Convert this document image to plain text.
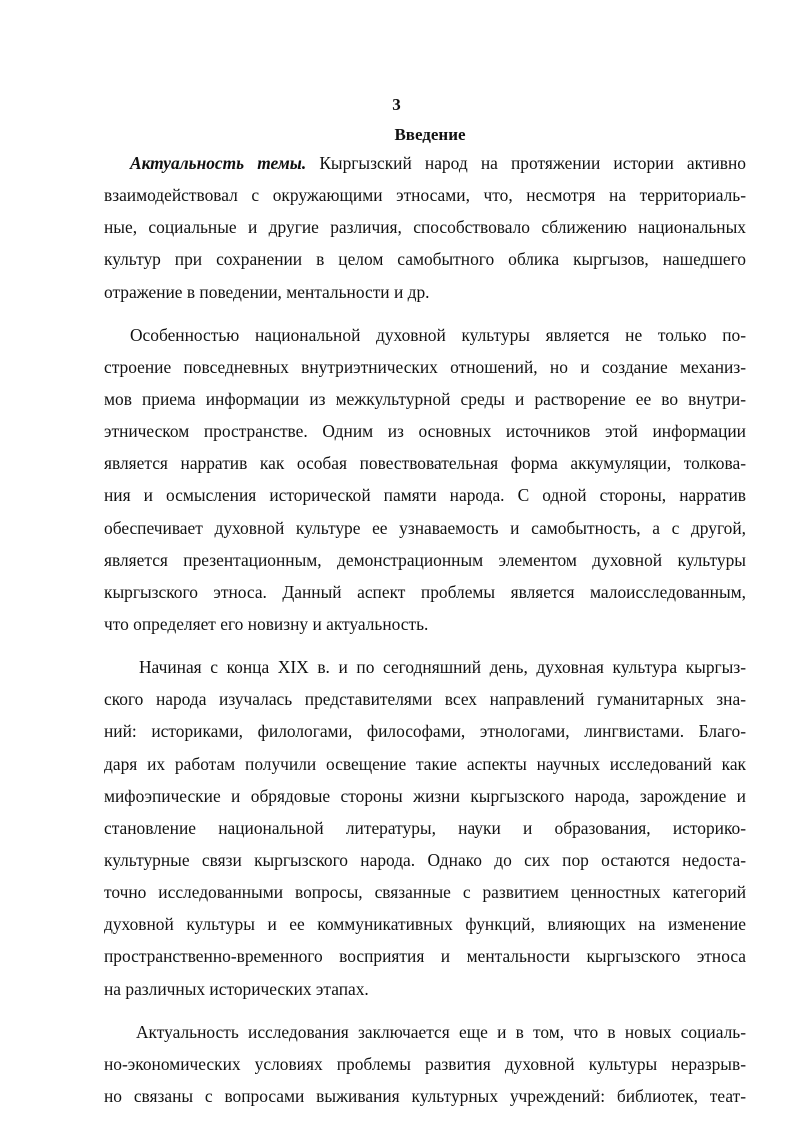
3
Введение
Актуальность темы. Кыргызский народ на протяжении истории активно
взаимодействовал с окружающими этносами, что, несмотря на территориаль-
ные, социальные и другие различия, способствовало сближению национальных
культур при сохранении в целом самобытного облика кыргызов, нашедшего
отражение в поведении, ментальности и др.
Особенностью национальной духовной культуры является не только по-
строение повседневных внутриэтнических отношений, но и создание механиз-
мов приема информации из межкультурной среды и растворение ее во внутри-
этническом пространстве. Одним из основных источников этой информации
является нарратив как особая повествовательная форма аккумуляции, толкова-
ния и осмысления исторической памяти народа. С одной стороны, нарратив
обеспечивает духовной культуре ее узнаваемость и самобытность, а с другой,
является презентационным, демонстрационным элементом духовной культуры
кыргызского этноса. Данный аспект проблемы является малоисследованным,
что определяет его новизну и актуальность.
Начиная с конца XIX в. и по сегодняшний день, духовная культура кыргыз-
ского народа изучалась представителями всех направлений гуманитарных зна-
ний: историками, филологами, философами, этнологами, лингвистами. Благо-
даря их работам получили освещение такие аспекты научных исследований как
мифоэпические и обрядовые стороны жизни кыргызского народа, зарождение и
становление национальной литературы, науки и образования, историко-
культурные связи кыргызского народа. Однако до сих пор остаются недоста-
точно исследованными вопросы, связанные с развитием ценностных категорий
духовной культуры и ее коммуникативных функций, влияющих на изменение
пространственно-временного восприятия и ментальности кыргызского этноса
на различных исторических этапах.
Актуальность исследования заключается еще и в том, что в новых социаль-
но-экономических условиях проблемы развития духовной культуры неразрыв-
но связаны с вопросами выживания культурных учреждений: библиотек, теат-
